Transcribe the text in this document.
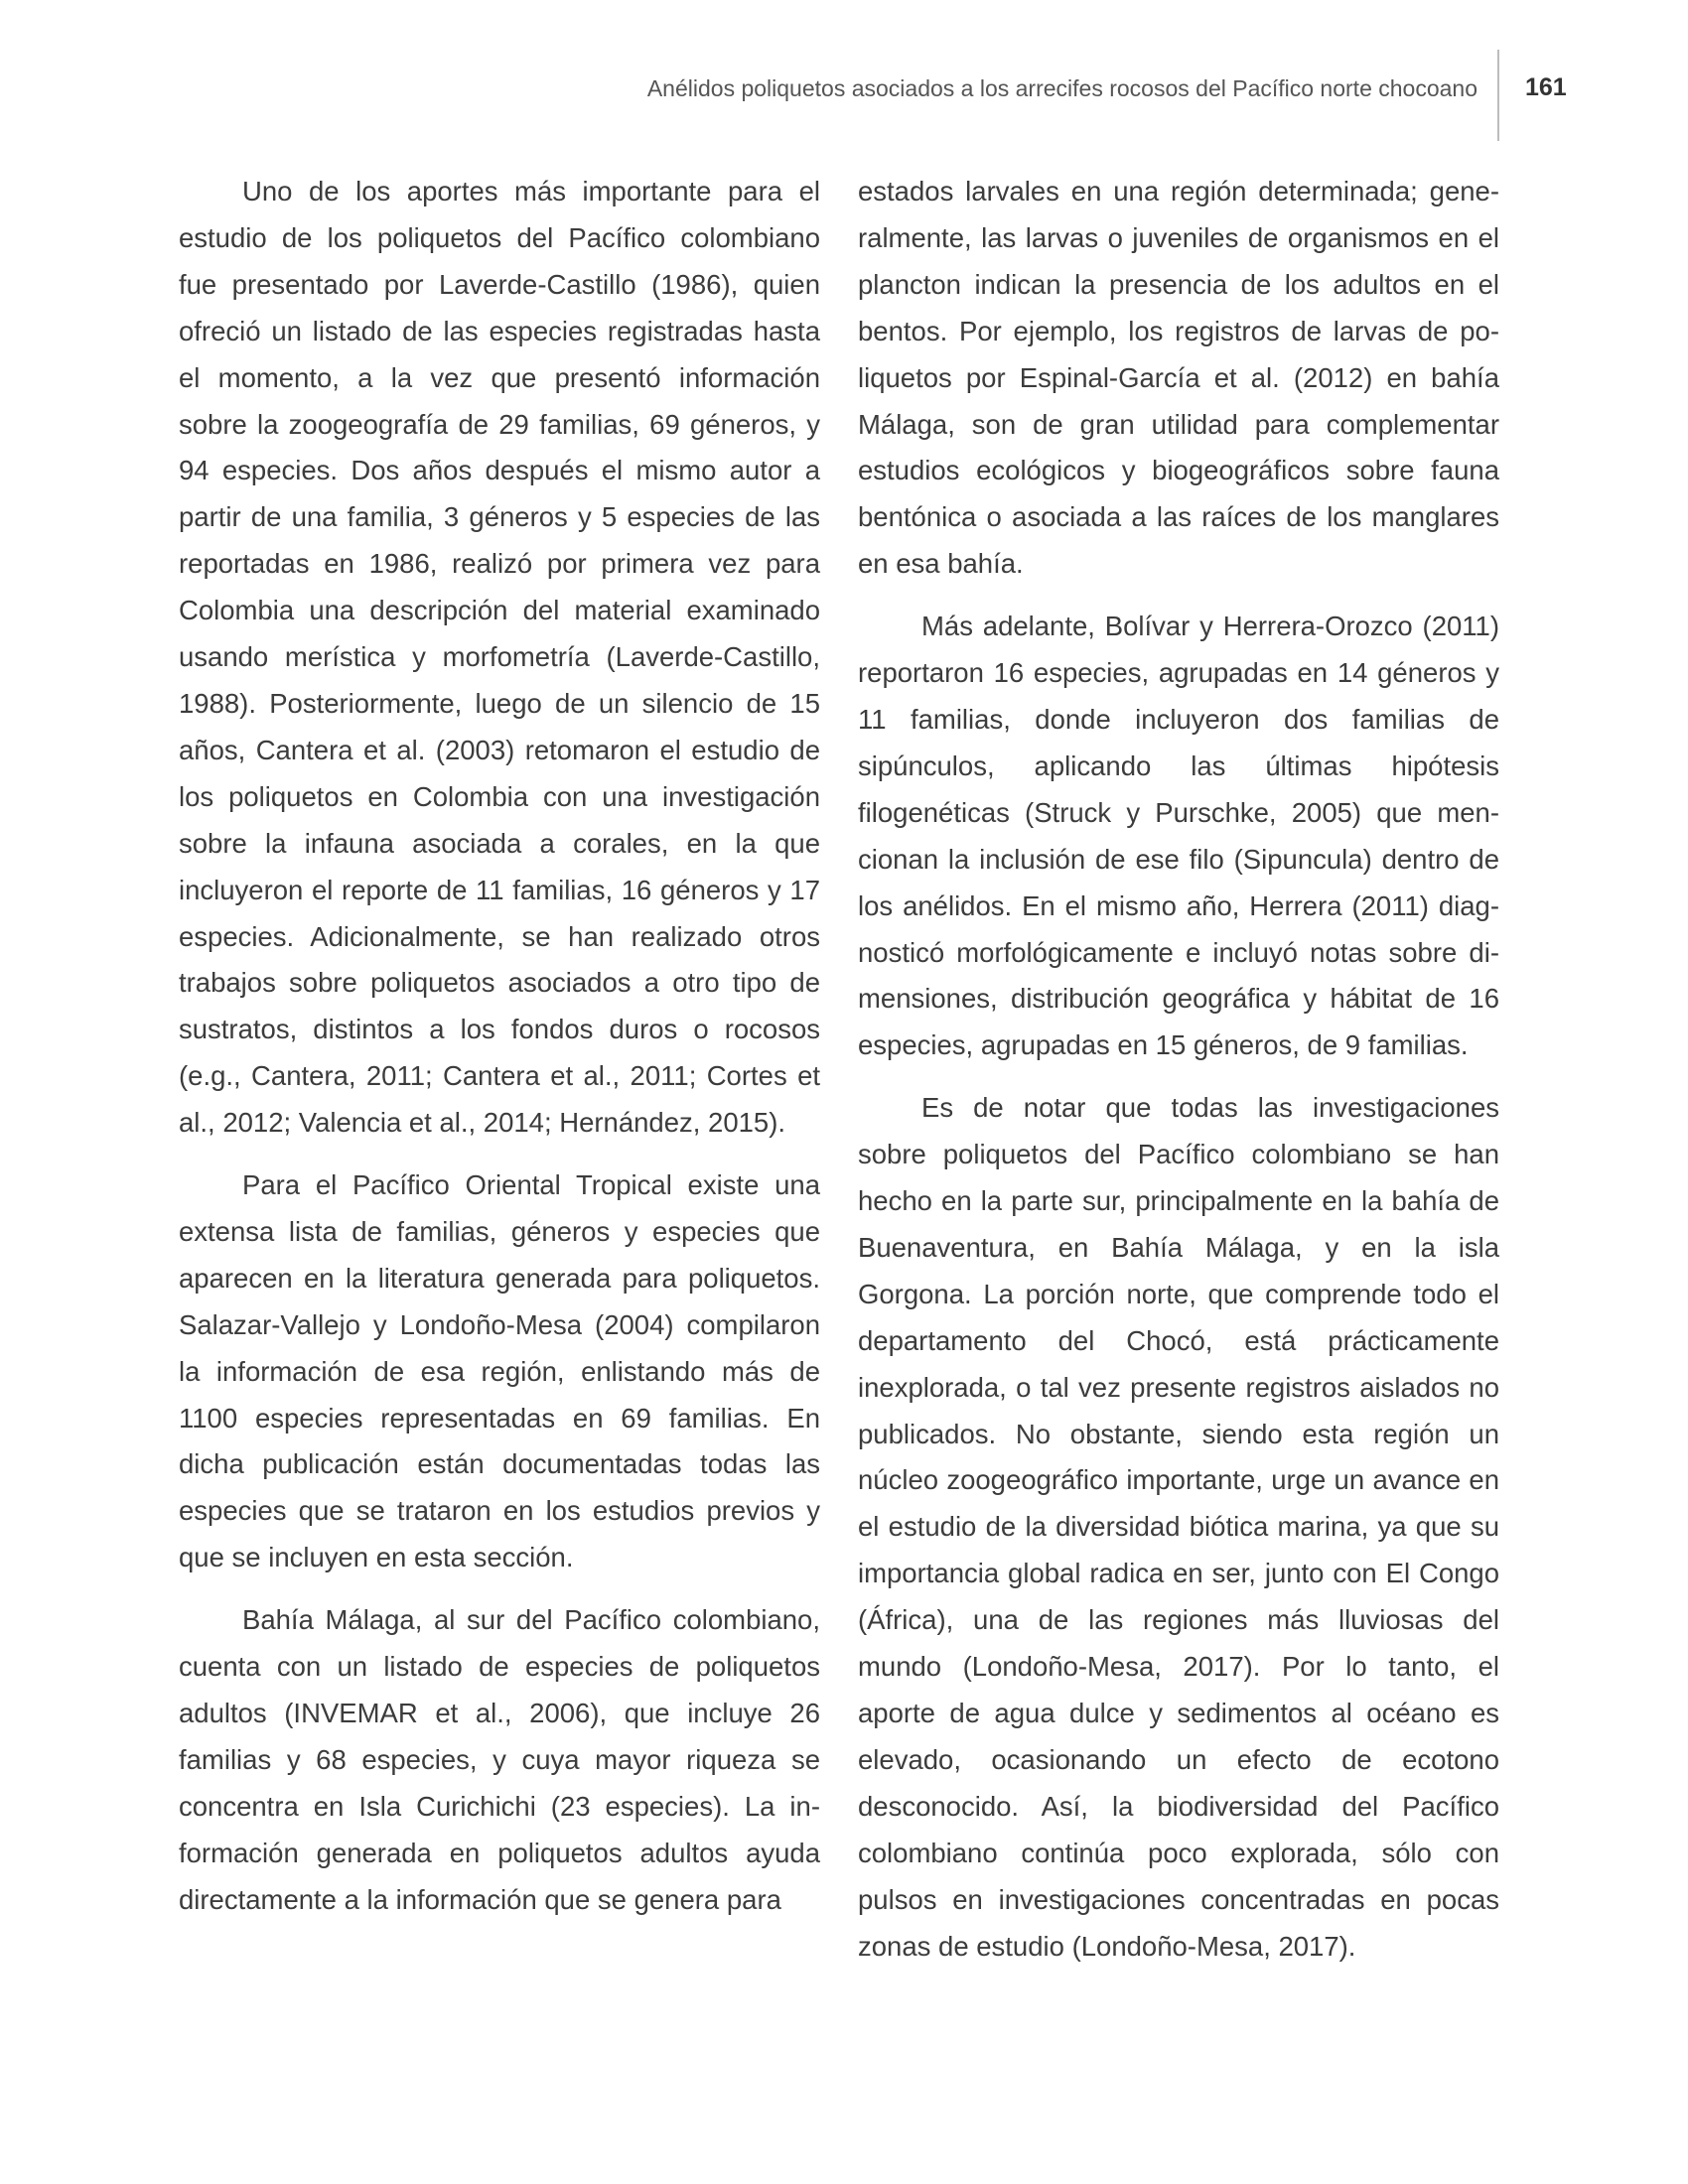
Anélidos poliquetos asociados a los arrecifes rocosos del Pacífico norte chocoano 161

Uno de los aportes más importante para el estudio de los poliquetos del Pacífico colombiano fue presentado por Laverde-Castillo (1986), quien ofreció un listado de las especies registradas hasta el momento, a la vez que presentó información sobre la zoogeografía de 29 familias, 69 géneros, y 94 especies. Dos años después el mismo autor a partir de una familia, 3 géneros y 5 especies de las reportadas en 1986, realizó por primera vez para Colombia una descripción del material examinado usando merística y morfometría (Laverde-Castillo, 1988). Posteriormente, luego de un silencio de 15 años, Cantera et al. (2003) retomaron el estudio de los poliquetos en Colombia con una investigación sobre la infauna asociada a corales, en la que incluyeron el reporte de 11 familias, 16 géneros y 17 especies. Adicionalmente, se han realizado otros trabajos sobre poliquetos asociados a otro tipo de sustratos, distintos a los fondos duros o rocosos (e.g., Cantera, 2011; Cantera et al., 2011; Cortes et al., 2012; Valencia et al., 2014; Hernández, 2015).

Para el Pacífico Oriental Tropical existe una extensa lista de familias, géneros y especies que aparecen en la literatura generada para poliquetos. Salazar-Vallejo y Londoño-Mesa (2004) compilaron la información de esa región, enlistando más de 1100 especies representadas en 69 familias. En dicha publicación están documentadas todas las especies que se trataron en los estudios previos y que se incluyen en esta sección.

Bahía Málaga, al sur del Pacífico colombiano, cuenta con un listado de especies de poliquetos adultos (INVEMAR et al., 2006), que incluye 26 familias y 68 especies, y cuya mayor riqueza se concentra en Isla Curichichi (23 especies). La información generada en poliquetos adultos ayuda directamente a la información que se genera para

estados larvales en una región determinada; generalmente, las larvas o juveniles de organismos en el plancton indican la presencia de los adultos en el bentos. Por ejemplo, los registros de larvas de poliquetos por Espinal-García et al. (2012) en bahía Málaga, son de gran utilidad para complementar estudios ecológicos y biogeográficos sobre fauna bentónica o asociada a las raíces de los manglares en esa bahía.

Más adelante, Bolívar y Herrera-Orozco (2011) reportaron 16 especies, agrupadas en 14 géneros y 11 familias, donde incluyeron dos familias de sipúnculos, aplicando las últimas hipótesis filogenéticas (Struck y Purschke, 2005) que mencionan la inclusión de ese filo (Sipuncula) dentro de los anélidos. En el mismo año, Herrera (2011) diagnosticó morfológicamente e incluyó notas sobre dimensiones, distribución geográfica y hábitat de 16 especies, agrupadas en 15 géneros, de 9 familias.

Es de notar que todas las investigaciones sobre poliquetos del Pacífico colombiano se han hecho en la parte sur, principalmente en la bahía de Buenaventura, en Bahía Málaga, y en la isla Gorgona. La porción norte, que comprende todo el departamento del Chocó, está prácticamente inexplorada, o tal vez presente registros aislados no publicados. No obstante, siendo esta región un núcleo zoogeográfico importante, urge un avance en el estudio de la diversidad biótica marina, ya que su importancia global radica en ser, junto con El Congo (África), una de las regiones más lluviosas del mundo (Londoño-Mesa, 2017). Por lo tanto, el aporte de agua dulce y sedimentos al océano es elevado, ocasionando un efecto de ecotono desconocido. Así, la biodiversidad del Pacífico colombiano continúa poco explorada, sólo con pulsos en investigaciones concentradas en pocas zonas de estudio (Londoño-Mesa, 2017).
